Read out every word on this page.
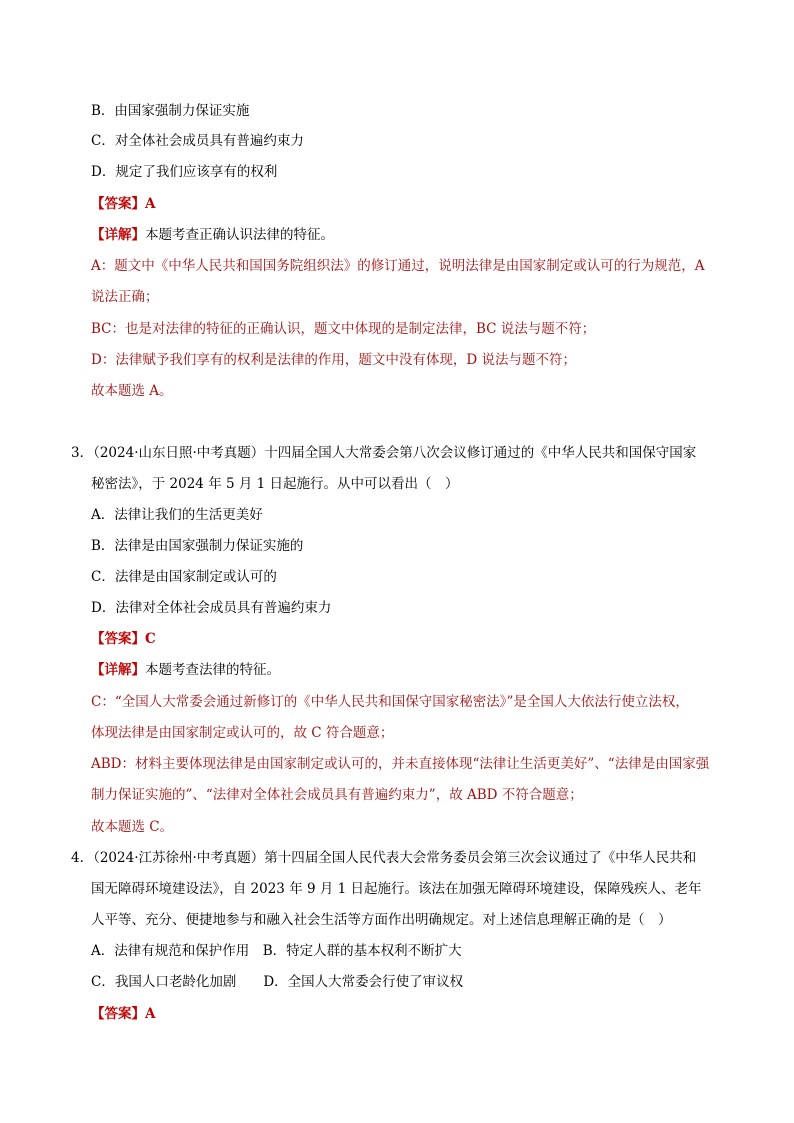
B．由国家强制力保证实施
C．对全体社会成员具有普遍约束力
D．规定了我们应该享有的权利
【答案】A
【详解】本题考查正确认识法律的特征。
A：题文中《中华人民共和国国务院组织法》的修订通过，说明法律是由国家制定或认可的行为规范，A
说法正确；
BC：也是对法律的特征的正确认识，题文中体现的是制定法律，BC 说法与题不符；
D：法律赋予我们享有的权利是法律的作用，题文中没有体现，D 说法与题不符；
故本题选 A。
3．（2024·山东日照·中考真题）十四届全国人大常委会第八次会议修订通过的《中华人民共和国保守国家
秘密法》，于 2024 年 5 月 1 日起施行。从中可以看出（　）
A．法律让我们的生活更美好
B．法律是由国家强制力保证实施的
C．法律是由国家制定或认可的
D．法律对全体社会成员具有普遍约束力
【答案】C
【详解】本题考查法律的特征。
C：“全国人大常委会通过新修订的《中华人民共和国保守国家秘密法》”是全国人大依法行使立法权，
体现法律是由国家制定或认可的，故 C 符合题意；
ABD：材料主要体现法律是由国家制定或认可的，并未直接体现“法律让生活更美好”、“法律是由国家强
制力保证实施的”、“法律对全体社会成员具有普遍约束力”，故 ABD 不符合题意；
故本题选 C。
4．（2024·江苏徐州·中考真题）第十四届全国人民代表大会常务委员会第三次会议通过了《中华人民共和
国无障碍环境建设法》，自 2023 年 9 月 1 日起施行。该法在加强无障碍环境建设，保障残疾人、老年
人平等、充分、便捷地参与和融入社会生活等方面作出明确规定。对上述信息理解正确的是（　）
A．法律有规范和保护作用　B．特定人群的基本权利不断扩大
C．我国人口老龄化加剧　　D．全国人大常委会行使了审议权
【答案】A
